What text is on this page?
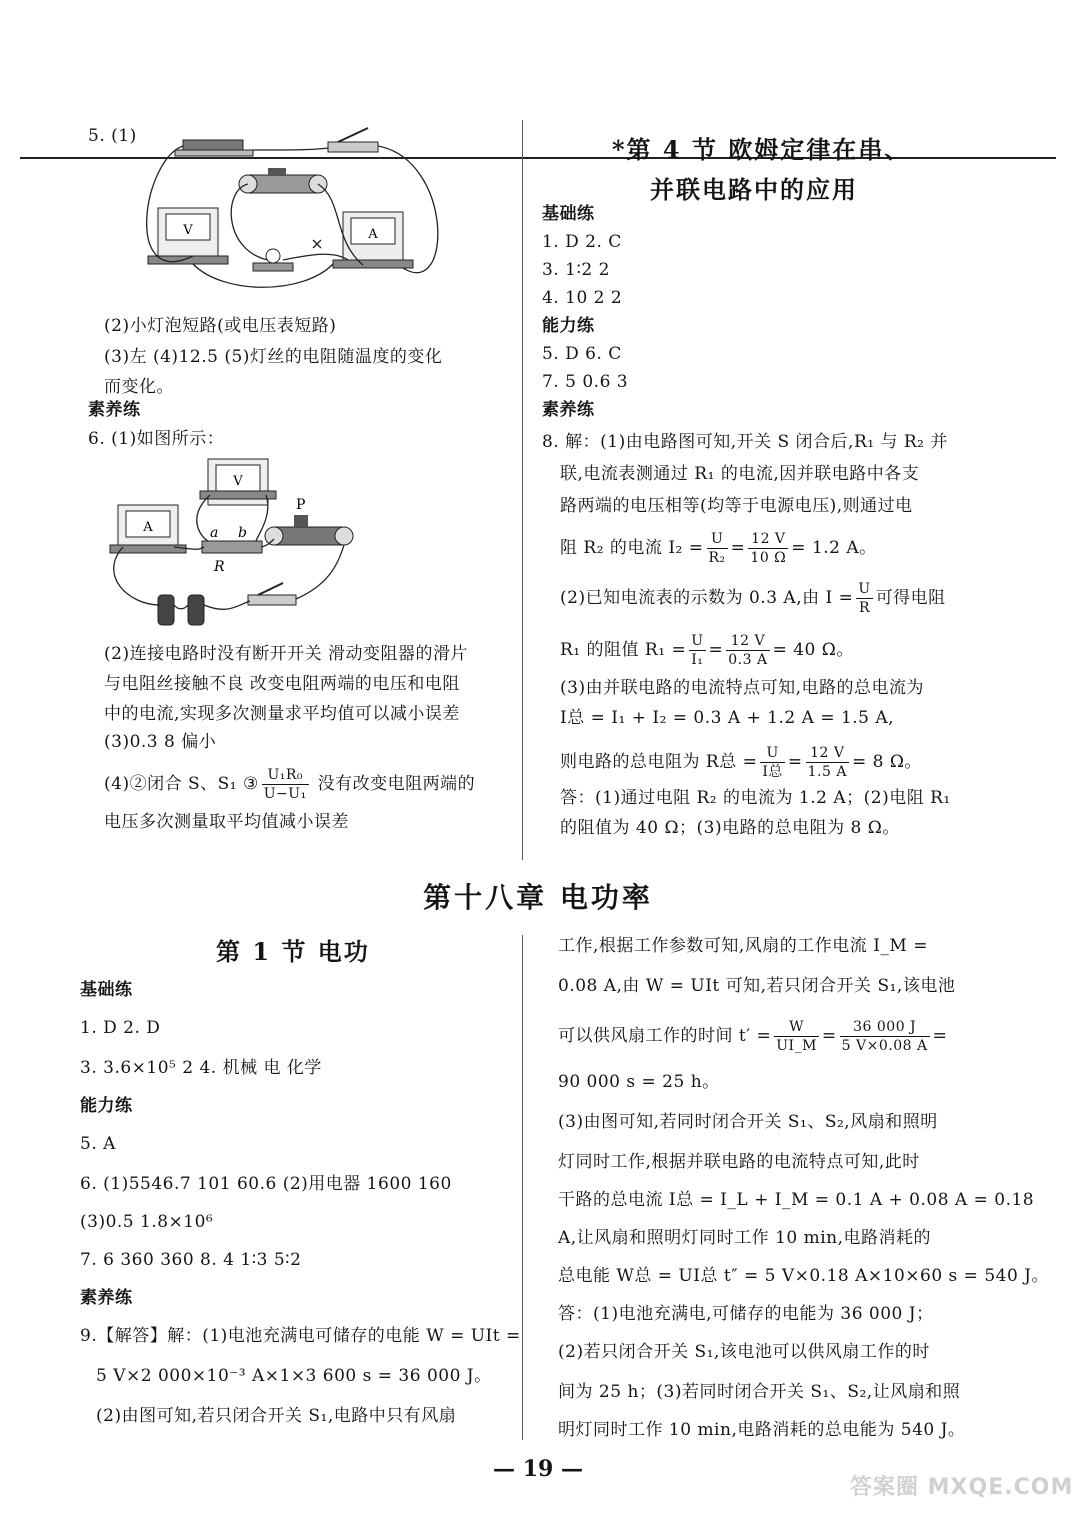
5. (1)
V	A
(2)小灯泡短路(或电压表短路)
(3)左 (4)12.5 (5)灯丝的电阻随温度的变化
而变化。
素养练
6. (1)如图所示：
V
A	a b
R
P
(2)连接电路时没有断开开关 滑动变阻器的滑片
与电阻丝接触不良 改变电阻两端的电压和电阻
中的电流,实现多次测量求平均值可以减小误差
(3)0.3 8 偏小
(4)②闭合 S、S₁ ③ $\frac{\text{U₁R₀}}{\text{U−U₁}}$ 没有改变电阻两端的
电压多次测量取平均值减小误差
*第 4 节 欧姆定律在串、
并联电路中的应用
基础练
1. D 2. C
3. 1∶2 2
4. 10 2 2
能力练
5. D 6. C
7. 5 0.6 3
素养练
8. 解：(1)由电路图可知,开关 S 闭合后,R₁ 与 R₂ 并
联,电流表测通过 R₁ 的电流,因并联电路中各支
路两端的电压相等(均等于电源电压),则通过电
阻 R₂ 的电流 $I_2 = \frac{U}{\text{R₂}} = \frac{12 V}{10 \Omega} = 1.2$ A。
(2)已知电流表的示数为 0.3 A,由 $I = \frac{U}{R}$ 可得电阻
R₁ 的阻值 $R_1 = \frac{U}{\text{I₁}} = \frac{12 V}{0.3 A} = 40$ Ω。
(3)由并联电路的电流特点可知,电路的总电流为
I总 = I₁ + I₂ = 0.3 A + 1.2 A = 1.5 A,
则电路的总电阻为 R总 = $\frac{U}{\text{I总}} = \frac{12 V}{1.5 A} = 8$ Ω。
答：(1)通过电阻 R₂ 的电流为 1.2 A；(2)电阻 R₁
的阻值为 40 Ω；(3)电路的总电阻为 8 Ω。
第十八章 电功率
第 1 节 电功
基础练
1. D 2. D
3. 3.6×10⁵ 2 4. 机械 电 化学
能力练
5. A
6. (1)5546.7 101 60.6 (2)用电器 1600 160
(3)0.5 1.8×10⁶
7. 6 360 360 8. 4 1∶3 5∶2
素养练
9.【解答】解：(1)电池充满电可储存的电能 W = UIt =
5 V×2 000×10⁻³ A×1×3 600 s = 36 000 J。
(2)由图可知,若只闭合开关 S₁,电路中只有风扇
工作,根据工作参数可知,风扇的工作电流 I_M =
0.08 A,由 W = UIt 可知,若只闭合开关 S₁,该电池
可以供风扇工作的时间 $t' = \frac{W}{UI\_M} = \frac{36 000 J}{5 V\times 0.08 A}$ =
90 000 s = 25 h。
(3)由图可知,若同时闭合开关 S₁、S₂,风扇和照明
灯同时工作,根据并联电路的电流特点可知,此时
干路的总电流 I总 = I_L + I_M = 0.1 A + 0.08 A = 0.18
A,让风扇和照明灯同时工作 10 min,电路消耗的
总电能 W总 = UI总 t″ = 5 V×0.18 A×10×60 s = 540 J。
答：(1)电池充满电,可储存的电能为 36 000 J；
(2)若只闭合开关 S₁,该电池可以供风扇工作的时
间为 25 h；(3)若同时闭合开关 S₁、S₂,让风扇和照
明灯同时工作 10 min,电路消耗的总电能为 540 J。
— 19 —
答案圈 MXQE.COM
